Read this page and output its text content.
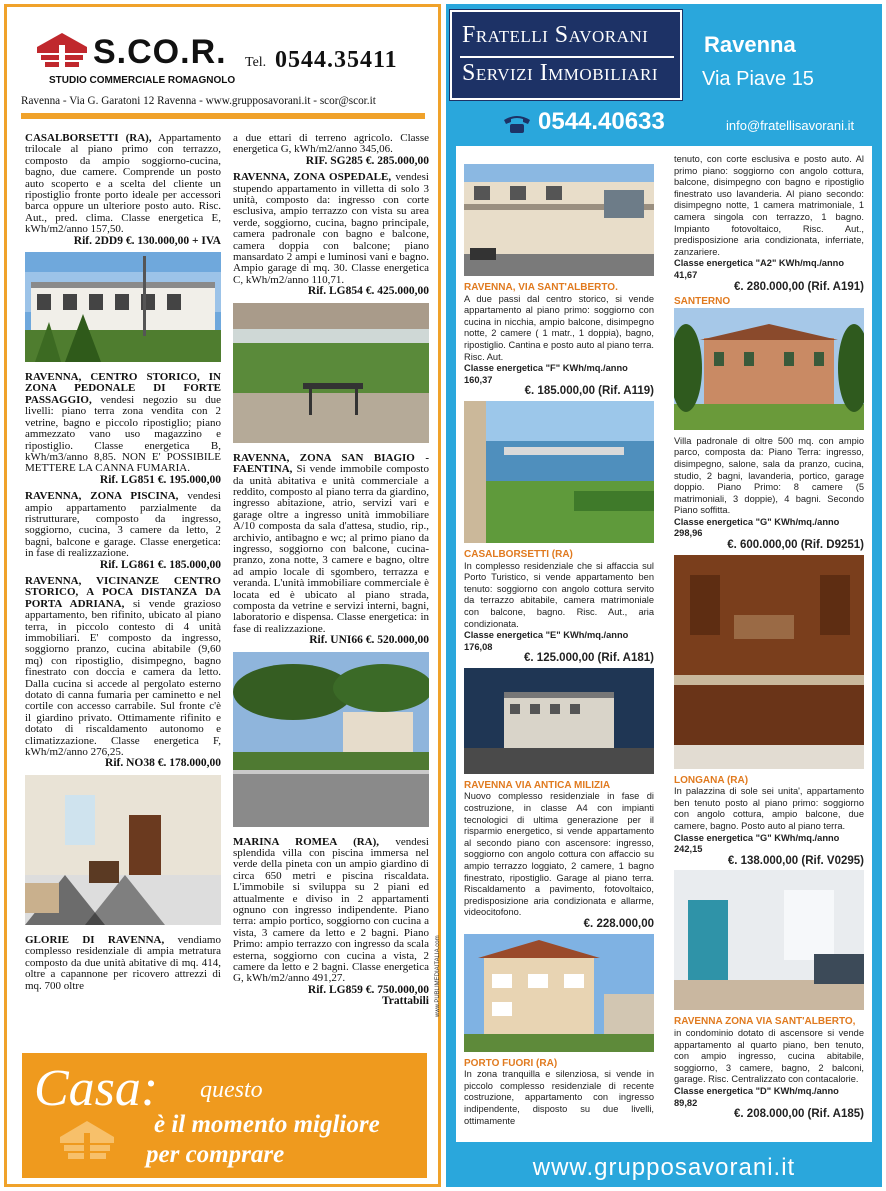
S.CO.R. Tel. 0544.35411
STUDIO COMMERCIALE ROMAGNOLO
Ravenna - Via G. Garatoni 12 Ravenna - www.grupposavorani.it - scor@scor.it
CASALBORSETTI (RA), Appartamento trilocale al piano primo con terrazzo, composto da ampio soggiorno-cucina, bagno, due camere. Comprende un posto auto scoperto e a scelta del cliente un ripostiglio fronte porto ideale per accessori barca oppure un ulteriore posto auto. Risc. Aut., pred. clima. Classe energetica E, kWh/m2/anno 157,50.
Rif. 2DD9 €. 130.000,00 + IVA
RAVENNA, CENTRO STORICO, IN ZONA PEDONALE DI FORTE PASSAGGIO, vendesi negozio su due livelli: piano terra zona vendita con 2 vetrine, bagno e piccolo ripostiglio; piano ammezzato vano uso magazzino e ripostiglio. Classe energetica B, kWh/m3/anno 8,85. NON E' POSSIBILE METTERE LA CANNA FUMARIA.
Rif. LG851 €. 195.000,00
RAVENNA, ZONA PISCINA, vendesi ampio appartamento parzialmente da ristrutturare, composto da ingresso, soggiorno, cucina, 3 camere da letto, 2 bagni, balcone e garage. Classe energetica: in fase di realizzazione.
Rif. LG861 €. 185.000,00
RAVENNA, VICINANZE CENTRO STORICO, A POCA DISTANZA DA PORTA ADRIANA, si vende grazioso appartamento, ben rifinito, ubicato al piano terra, in piccolo contesto di 4 unità immobiliari. E' composto da ingresso, soggiorno pranzo, cucina abitabile (9,60 mq) con ripostiglio, disimpegno, bagno finestrato con doccia e camera da letto. Dalla cucina si accede al pergolato esterno dotato di canna fumaria per caminetto e nel cortile con accesso carrabile. Sul fronte c'è il giardino privato. Ottimamente rifinito e dotato di riscaldamento autonomo e climatizzazione. Classe energetica F, kWh/m2/anno 276,25.
Rif. NO38 €. 178.000,00
GLORIE DI RAVENNA, vendiamo complesso residenziale di ampia metratura composto da due unità abitative di mq. 414, oltre a capannone per ricovero attrezzi di mq. 700 oltre
a due ettari di terreno agricolo. Classe energetica G, kWh/m2/anno 345,06.
RIF. SG285 €. 285.000,00
RAVENNA, ZONA OSPEDALE, vendesi stupendo appartamento in villetta di solo 3 unità, composto da: ingresso con corte esclusiva, ampio terrazzo con vista su area verde, soggiorno, cucina, bagno principale, camera padronale con bagno e balcone, camera doppia con balcone; piano mansardato 2 ampi e luminosi vani e bagno. Ampio garage di mq. 30. Classe energetica C, kWh/m2/anno 110,71.
Rif. LG854 €. 425.000,00
RAVENNA, ZONA SAN BIAGIO - FAENTINA, Si vende immobile composto da unità abitativa e unità commerciale a reddito, composto al piano terra da giardino, ingresso abitazione, atrio, servizi vari e garage oltre a ingresso unità immobiliare A/10 composta da sala d'attesa, studio, rip., archivio, antibagno e wc; al primo piano da ingresso, soggiorno con balcone, cucina-pranzo, zona notte, 3 camere e bagno, oltre ad ampio locale di sgombero, terrazza e veranda. L'unità immobiliare commerciale è locata ed è ubicato al piano strada, composta da vetrine e servizi interni, bagni, laboratorio e dispensa. Classe energetica: in fase di realizzazione.
Rif. UNI66 €. 520.000,00
MARINA ROMEA (RA), vendesi splendida villa con piscina immersa nel verde della pineta con un ampio giardino di circa 650 metri e piscina riscaldata. L'immobile si sviluppa su 2 piani ed attualmente e diviso in 2 appartamenti ognuno con ingresso indipendente. Piano terra: ampio portico, soggiorno con cucina a vista, 3 camere da letto e 2 bagni. Piano Primo: ampio terrazzo con ingresso da scala esterna, soggiorno con cucina a vista, 2 camere da letto e 2 bagni. Classe energetica G, kWh/m2/anno 491,27.
Rif. LG859 €. 750.000,00
Trattabili www.PUBLIMEDIAITALIA.com
Casa: questo
è il momento migliore
per comprare
Fratelli Savorani
Servizi Immobiliari
Ravenna
Via Piave 15
0544.40633	info@fratellisavorani.it
RAVENNA, VIA SANT'ALBERTO.
A due passi dal centro storico, si vende appartamento al piano primo: soggiorno con cucina in nicchia, ampio balcone, disimpegno notte, 2 camere ( 1 matr., 1 doppia), bagno, ripostiglio. Cantina e posto auto al piano terra. Risc. Aut.
Classe energetica "F" KWh/mq./anno 160,37
€. 185.000,00 (Rif. A119)
CASALBORSETTI (RA)
In complesso residenziale che si affaccia sul Porto Turistico, si vende appartamento ben tenuto: soggiorno con angolo cottura servito da terrazzo abitabile, camera matrimoniale con balcone, bagno. Risc. Aut., aria condizionata.
Classe energetica "E" KWh/mq./anno 176,08
€. 125.000,00 (Rif. A181)
RAVENNA VIA ANTICA MILIZIA
Nuovo complesso residenziale in fase di costruzione, in classe A4 con impianti tecnologici di ultima generazione per il risparmio energetico, si vende appartamento al secondo piano con ascensore: ingresso, soggiorno con angolo cottura con affaccio su ampio terrazzo loggiato, 2 camere, 1 bagno finestrato, ripostiglio. Garage al piano terra. Riscaldamento a pavimento, fotovoltaico, predisposizione aria condizionata e allarme, videocitofono.
€. 228.000,00
PORTO FUORI (RA)
In zona tranquilla e silenziosa, si vende in piccolo complesso residenziale di recente costruzione, appartamento con ingresso indipendente, disposto su due livelli, ottimamente
tenuto, con corte esclusiva e posto auto. Al primo piano: soggiorno con angolo cottura, balcone, disimpegno con bagno e ripostiglio finestrato uso lavanderia. Al piano secondo: disimpegno notte, 1 camera matrimoniale, 1 camera singola con terrazzo, 1 bagno. Impianto fotovoltaico, Risc. Aut., predisposizione aria condizionata, inferriate, zanzariere.
Classe energetica "A2" KWh/mq./anno 41,67
€. 280.000,00 (Rif. A191)
SANTERNO
Villa padronale di oltre 500 mq. con ampio parco, composta da: Piano Terra: ingresso, disimpegno, salone, sala da pranzo, cucina, studio, 2 bagni, lavanderia, portico, garage doppio. Piano Primo: 8 camere (5 matrimoniali, 3 doppie), 4 bagni. Secondo Piano soffitta.
Classe energetica "G" KWh/mq./anno 298,96
€. 600.000,00 (Rif. D9251)
LONGANA (RA)
In palazzina di sole sei unita', appartamento ben tenuto posto al piano primo: soggiorno con angolo cottura, ampio balcone, due camere, bagno. Posto auto al piano terra.
Classe energetica "G" KWh/mq./anno 242,15
€. 138.000,00 (Rif. V0295)
RAVENNA ZONA VIA SANT'ALBERTO,
in condominio dotato di ascensore si vende appartamento al quarto piano, ben tenuto, con ampio ingresso, cucina abitabile, soggiorno, 3 camere, bagno, 2 balconi, garage. Risc. Centralizzato con contacalorie.
Classe energetica "D" KWh/mq./anno 89,82
€. 208.000,00 (Rif. A185)
www.grupposavorani.it
